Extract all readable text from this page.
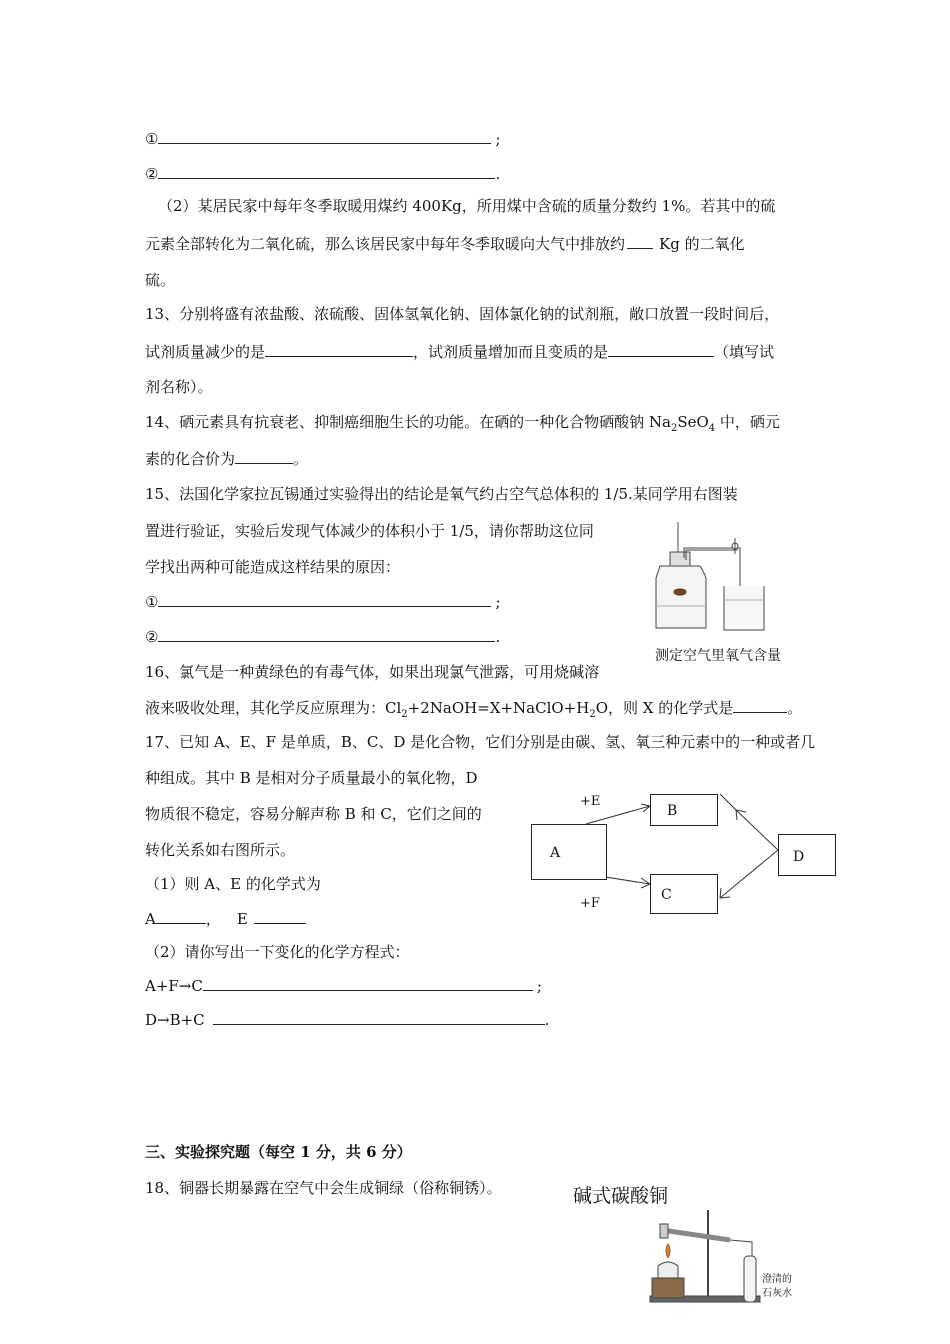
①	;
②	.
（2）某居民家中每年冬季取暖用煤约 400Kg，所用煤中含硫的质量分数约 1%。若其中的硫
元素全部转化为二氧化硫，那么该居民家中每年冬季取暖向大气中排放约 Kg 的二氧化
硫。
13、分别将盛有浓盐酸、浓硫酸、固体氢氧化钠、固体氯化钠的试剂瓶，敞口放置一段时间后，
试剂质量减少的是	，试剂质量增加而且变质的是	（填写试
剂名称）。
14、硒元素具有抗衰老、抑制癌细胞生长的功能。在硒的一种化合物硒酸钠 $Na_2SeO_4$ 中，硒元
素的化合价为	。
15、法国化学家拉瓦锡通过实验得出的结论是氧气约占空气总体积的 1/5.某同学用右图装
置进行验证，实验后发现气体减少的体积小于 1/5，请你帮助这位同
学找出两种可能造成这样结果的原因：
①	;
②	.
测定空气里氧气含量
16、氯气是一种黄绿色的有毒气体，如果出现氯气泄露，可用烧碱溶
液来吸收处理，其化学反应原理为：$Cl_2+2NaOH=X+NaClO+H_2O$，则 X 的化学式是	。
17、已知 A、E、F 是单质，B、C、D 是化合物，它们分别是由碳、氢、氧三种元素中的一种或者几
种组成。其中 B 是相对分子质量最小的氧化物，D
物质很不稳定，容易分解声称 B 和 C，它们之间的
转化关系如右图所示。
（1）则 A、E 的化学式为
A	， E
（2）请你写出一下变化的化学方程式：
A+F→C	;
D→B+C	.
A
B
C
D
+E
+F
三、实验探究题（每空 1 分，共 6 分）
18、铜器长期暴露在空气中会生成铜绿（俗称铜锈）。	碱式碳酸铜
澄清的
石灰水
